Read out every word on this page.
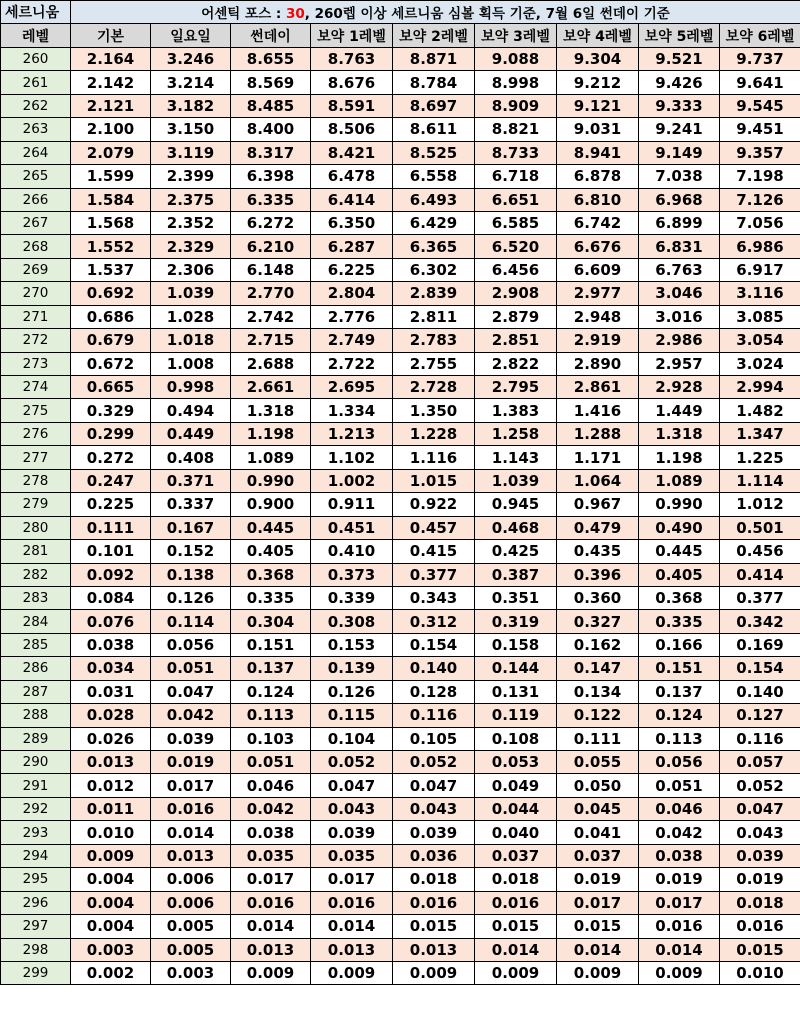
세르니움	어센틱 포스 : 30, 260렙 이상 세르니움 심볼 획득 기준, 7월 6일 썬데이 기준								
레벨	기본	일요일	썬데이	보약 1레벨	보약 2레벨	보약 3레벨	보약 4레벨	보약 5레벨	보약 6레벨
260	2.164	3.246	8.655	8.763	8.871	9.088	9.304	9.521	9.737
261	2.142	3.214	8.569	8.676	8.784	8.998	9.212	9.426	9.641
262	2.121	3.182	8.485	8.591	8.697	8.909	9.121	9.333	9.545
263	2.100	3.150	8.400	8.506	8.611	8.821	9.031	9.241	9.451
264	2.079	3.119	8.317	8.421	8.525	8.733	8.941	9.149	9.357
265	1.599	2.399	6.398	6.478	6.558	6.718	6.878	7.038	7.198
266	1.584	2.375	6.335	6.414	6.493	6.651	6.810	6.968	7.126
267	1.568	2.352	6.272	6.350	6.429	6.585	6.742	6.899	7.056
268	1.552	2.329	6.210	6.287	6.365	6.520	6.676	6.831	6.986
269	1.537	2.306	6.148	6.225	6.302	6.456	6.609	6.763	6.917
270	0.692	1.039	2.770	2.804	2.839	2.908	2.977	3.046	3.116
271	0.686	1.028	2.742	2.776	2.811	2.879	2.948	3.016	3.085
272	0.679	1.018	2.715	2.749	2.783	2.851	2.919	2.986	3.054
273	0.672	1.008	2.688	2.722	2.755	2.822	2.890	2.957	3.024
274	0.665	0.998	2.661	2.695	2.728	2.795	2.861	2.928	2.994
275	0.329	0.494	1.318	1.334	1.350	1.383	1.416	1.449	1.482
276	0.299	0.449	1.198	1.213	1.228	1.258	1.288	1.318	1.347
277	0.272	0.408	1.089	1.102	1.116	1.143	1.171	1.198	1.225
278	0.247	0.371	0.990	1.002	1.015	1.039	1.064	1.089	1.114
279	0.225	0.337	0.900	0.911	0.922	0.945	0.967	0.990	1.012
280	0.111	0.167	0.445	0.451	0.457	0.468	0.479	0.490	0.501
281	0.101	0.152	0.405	0.410	0.415	0.425	0.435	0.445	0.456
282	0.092	0.138	0.368	0.373	0.377	0.387	0.396	0.405	0.414
283	0.084	0.126	0.335	0.339	0.343	0.351	0.360	0.368	0.377
284	0.076	0.114	0.304	0.308	0.312	0.319	0.327	0.335	0.342
285	0.038	0.056	0.151	0.153	0.154	0.158	0.162	0.166	0.169
286	0.034	0.051	0.137	0.139	0.140	0.144	0.147	0.151	0.154
287	0.031	0.047	0.124	0.126	0.128	0.131	0.134	0.137	0.140
288	0.028	0.042	0.113	0.115	0.116	0.119	0.122	0.124	0.127
289	0.026	0.039	0.103	0.104	0.105	0.108	0.111	0.113	0.116
290	0.013	0.019	0.051	0.052	0.052	0.053	0.055	0.056	0.057
291	0.012	0.017	0.046	0.047	0.047	0.049	0.050	0.051	0.052
292	0.011	0.016	0.042	0.043	0.043	0.044	0.045	0.046	0.047
293	0.010	0.014	0.038	0.039	0.039	0.040	0.041	0.042	0.043
294	0.009	0.013	0.035	0.035	0.036	0.037	0.037	0.038	0.039
295	0.004	0.006	0.017	0.017	0.018	0.018	0.019	0.019	0.019
296	0.004	0.006	0.016	0.016	0.016	0.016	0.017	0.017	0.018
297	0.004	0.005	0.014	0.014	0.015	0.015	0.015	0.016	0.016
298	0.003	0.005	0.013	0.013	0.013	0.014	0.014	0.014	0.015
299	0.002	0.003	0.009	0.009	0.009	0.009	0.009	0.009	0.010
